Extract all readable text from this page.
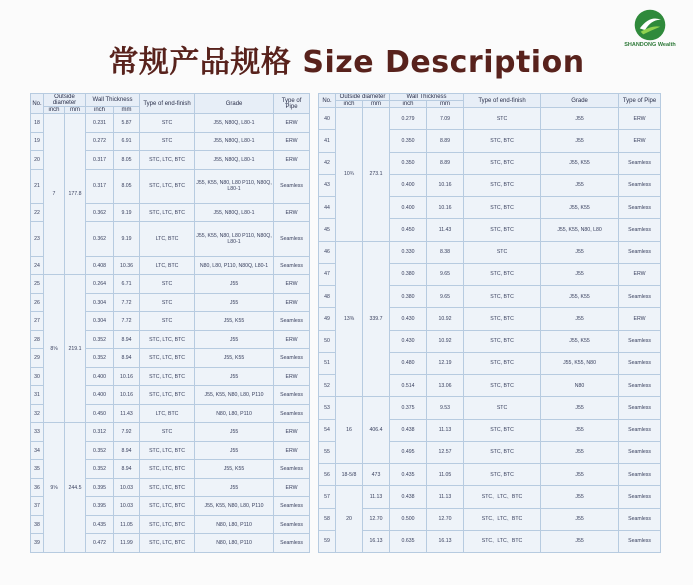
常规产品规格 Size Description	SHANDONG Wealth
No.	Outside diameter		Wall Thickness		Type of end-finish	Grade	Type of Pipe
	inch	mm	inch	mm			
18	7	177.8	0.231	5.87	STC	J55, N80Q, L80-1	ERW
19			0.272	6.91	STC	J55, N80Q, L80-1	ERW
20			0.317	8.05	STC, LTC, BTC	J55, N80Q, L80-1	ERW
21			0.317	8.05	STC, LTC, BTC	J55, K55, N80, L80 P110, N80Q, L80-1	Seamless
22			0.362	9.19	STC, LTC, BTC	J55, N80Q, L80-1	ERW
23			0.362	9.19	LTC, BTC	J55, K55, N80, L80 P110, N80Q, L80-1	Seamless
24			0.408	10.36	LTC, BTC	N80, L80, P110, N80Q, L80-1	Seamless
25	8⅝	219.1	0.264	6.71	STC	J55	ERW
26			0.304	7.72	STC	J55	ERW
27			0.304	7.72	STC	J55, K55	Seamless
28			0.352	8.94	STC, LTC, BTC	J55	ERW
29			0.352	8.94	STC, LTC, BTC	J55, K55	Seamless
30			0.400	10.16	STC, LTC, BTC	J55	ERW
31			0.400	10.16	STC, LTC, BTC	J55, K55, N80, L80, P110	Seamless
32			0.450	11.43	LTC, BTC	N80, L80, P110	Seamless
33	9⅝	244.5	0.312	7.92	STC	J55	ERW
34			0.352	8.94	STC, LTC, BTC	J55	ERW
35			0.352	8.94	STC, LTC, BTC	J55, K55	Seamless
36			0.395	10.03	STC, LTC, BTC	J55	ERW
37			0.395	10.03	STC, LTC, BTC	J55, K55, N80, L80, P110	Seamless
38			0.435	11.05	STC, LTC, BTC	N80, L80, P110	Seamless
39			0.472	11.99	STC, LTC, BTC	N80, L80, P110	Seamless
No.	Outside diameter		Wall Thickness		Type of end-finish	Grade	Type of Pipe
	inch	mm	inch	mm			
40	10¾	273.1	0.279	7.09	STC	J55	ERW
41			0.350	8.89	STC, BTC	J55	ERW
42			0.350	8.89	STC, BTC	J55, K55	Seamless
43			0.400	10.16	STC, BTC	J55	Seamless
44			0.400	10.16	STC, BTC	J55, K55	Seamless
45			0.450	11.43	STC, BTC	J55, K55, N80, L80	Seamless
46	13⅜	339.7	0.330	8.38	STC	J55	Seamless
47			0.380	9.65	STC, BTC	J55	ERW
48			0.380	9.65	STC, BTC	J55, K55	Seamless
49			0.430	10.92	STC, BTC	J55	ERW
50			0.430	10.92	STC, BTC	J55, K55	Seamless
51			0.480	12.19	STC, BTC	J55, K55, N80	Seamless
52			0.514	13.06	STC, BTC	N80	Seamless
53	16	406.4	0.375	9.53	STC	J55	Seamless
54			0.438	11.13	STC, BTC	J55	Seamless
55			0.495	12.57	STC, BTC	J55	Seamless
56	18-5/8	473	0.435	11.05	STC, BTC	J55	Seamless
57	20	11.13	0.438	11.13	STC、LTC、BTC	J55	Seamless
58		12.70	0.500	12.70	STC、LTC、BTC	J55	Seamless
59		16.13	0.635	16.13	STC、LTC、BTC	J55	Seamless
